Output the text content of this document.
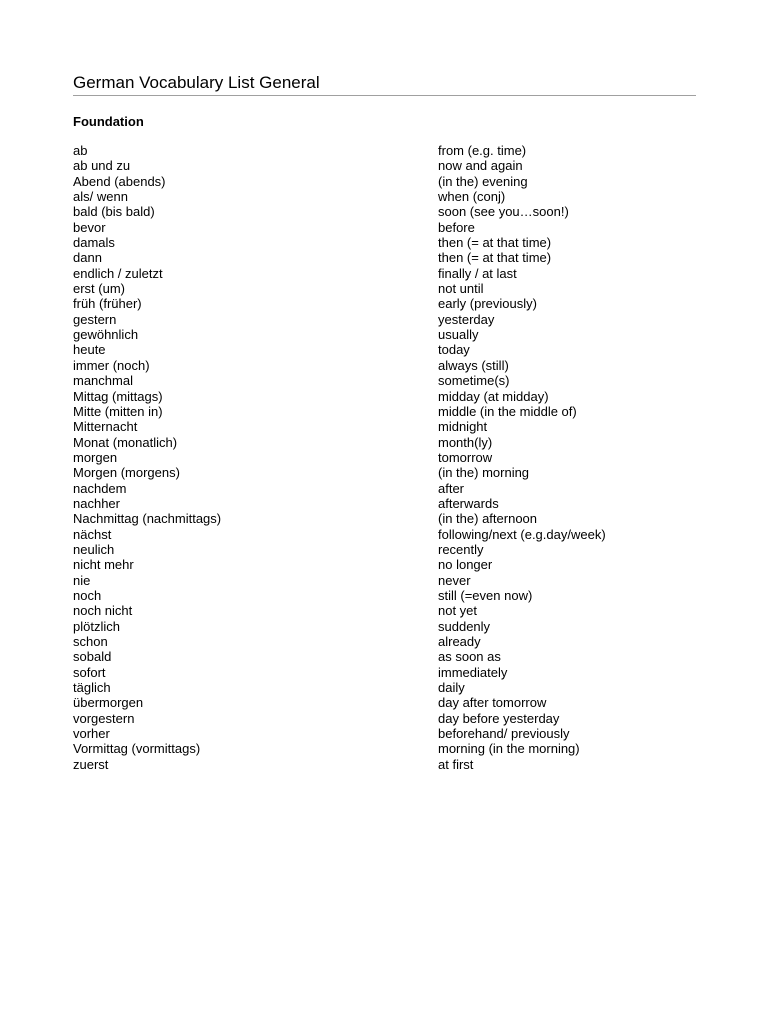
German Vocabulary List General
Foundation
ab	from (e.g. time)
ab und zu	now and again
Abend (abends)	(in the) evening
als/ wenn	when (conj)
bald (bis bald)	soon (see you…soon!)
bevor	before
damals	then (= at that time)
dann	then (= at that time)
endlich / zuletzt	finally / at last
erst (um)	not until
früh (früher)	early (previously)
gestern	yesterday
gewöhnlich	usually
heute	today
immer (noch)	always (still)
manchmal	sometime(s)
Mittag (mittags)	midday (at midday)
Mitte (mitten in)	middle (in the middle of)
Mitternacht	midnight
Monat (monatlich)	month(ly)
morgen	tomorrow
Morgen (morgens)	(in the) morning
nachdem	after
nachher	afterwards
Nachmittag (nachmittags)	(in the) afternoon
nächst	following/next (e.g.day/week)
neulich	recently
nicht mehr	no longer
nie	never
noch	still (=even now)
noch nicht	not yet
plötzlich	suddenly
schon	already
sobald	as soon as
sofort	immediately
täglich	daily
übermorgen	day after tomorrow
vorgestern	day before yesterday
vorher	beforehand/ previously
Vormittag (vormittags)	morning (in the morning)
zuerst	at first
